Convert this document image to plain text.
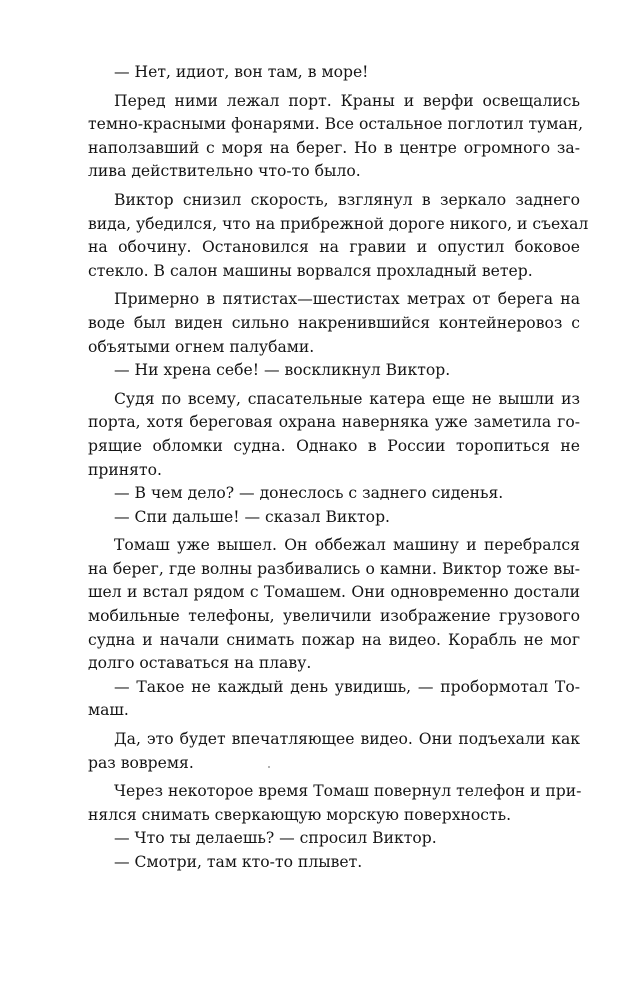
— Нет, идиот, вон там, в море!
Перед ними лежал порт. Краны и верфи освещались
темно-красными фонарями. Все остальное поглотил туман,
наползавший с моря на берег. Но в центре огромного за-
лива действительно что-то было.
Виктор снизил скорость, взглянул в зеркало заднего
вида, убедился, что на прибрежной дороге никого, и съехал
на обочину. Остановился на гравии и опустил боковое
стекло. В салон машины ворвался прохладный ветер.
Примерно в пятистах—шестистах метрах от берега на
воде был виден сильно накренившийся контейнеровоз с
объятыми огнем палубами.
— Ни хрена себе! — воскликнул Виктор.
Судя по всему, спасательные катера еще не вышли из
порта, хотя береговая охрана наверняка уже заметила го-
рящие обломки судна. Однако в России торопиться не
принято.
— В чем дело? — донеслось с заднего сиденья.
— Спи дальше! — сказал Виктор.
Томаш уже вышел. Он оббежал машину и перебрался
на берег, где волны разбивались о камни. Виктор тоже вы-
шел и встал рядом с Томашем. Они одновременно достали
мобильные телефоны, увеличили изображение грузового
судна и начали снимать пожар на видео. Корабль не мог
долго оставаться на плаву.
— Такое не каждый день увидишь, — пробормотал То-
маш.
Да, это будет впечатляющее видео. Они подъехали как
раз вовремя.
Через некоторое время Томаш повернул телефон и при-
нялся снимать сверкающую морскую поверхность.
— Что ты делаешь? — спросил Виктор.
— Смотри, там кто-то плывет.
